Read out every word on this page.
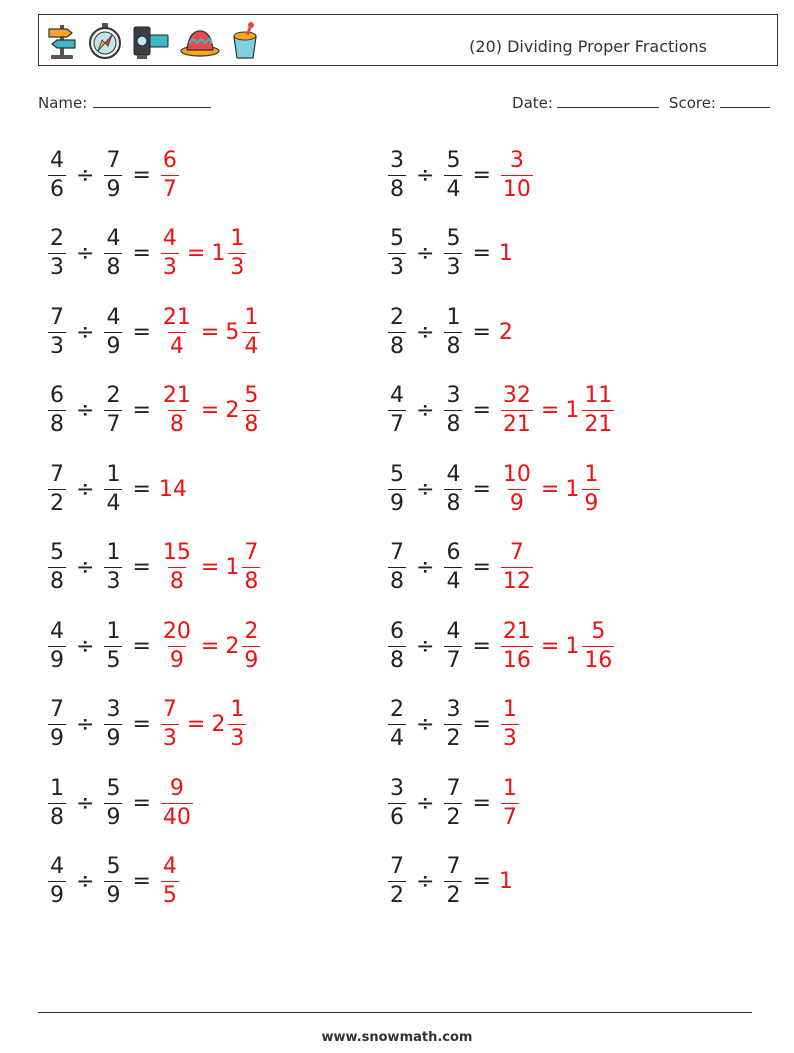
(20) Dividing Proper Fractions
Name:	Date:	Score:
$\frac{4}{6} \div \frac{7}{9} = \frac{6}{7}$	$\frac{3}{8} \div \frac{5}{4} = \frac{3}{10}$
$\frac{2}{3} \div \frac{4}{8} = \frac{4}{3} = 1 \frac{1}{3}$	$\frac{5}{3} \div \frac{5}{3} = 1$
$\frac{7}{3} \div \frac{4}{9} = \frac{21}{4} = 5 \frac{1}{4}$	$\frac{2}{8} \div \frac{1}{8} = 2$
$\frac{6}{8} \div \frac{2}{7} = \frac{21}{8} = 2 \frac{5}{8}$	$\frac{4}{7} \div \frac{3}{8} = \frac{32}{21} = 1 \frac{11}{21}$
$\frac{7}{2} \div \frac{1}{4} = 14$	$\frac{5}{9} \div \frac{4}{8} = \frac{10}{9} = 1 \frac{1}{9}$
$\frac{5}{8} \div \frac{1}{3} = \frac{15}{8} = 1 \frac{7}{8}$	$\frac{7}{8} \div \frac{6}{4} = \frac{7}{12}$
$\frac{4}{9} \div \frac{1}{5} = \frac{20}{9} = 2 \frac{2}{9}$	$\frac{6}{8} \div \frac{4}{7} = \frac{21}{16} = 1 \frac{5}{16}$
$\frac{7}{9} \div \frac{3}{9} = \frac{7}{3} = 2 \frac{1}{3}$	$\frac{2}{4} \div \frac{3}{2} = \frac{1}{3}$
$\frac{1}{8} \div \frac{5}{9} = \frac{9}{40}$	$\frac{3}{6} \div \frac{7}{2} = \frac{1}{7}$
$\frac{4}{9} \div \frac{5}{9} = \frac{4}{5}$	$\frac{7}{2} \div \frac{7}{2} = 1$
www.snowmath.com
